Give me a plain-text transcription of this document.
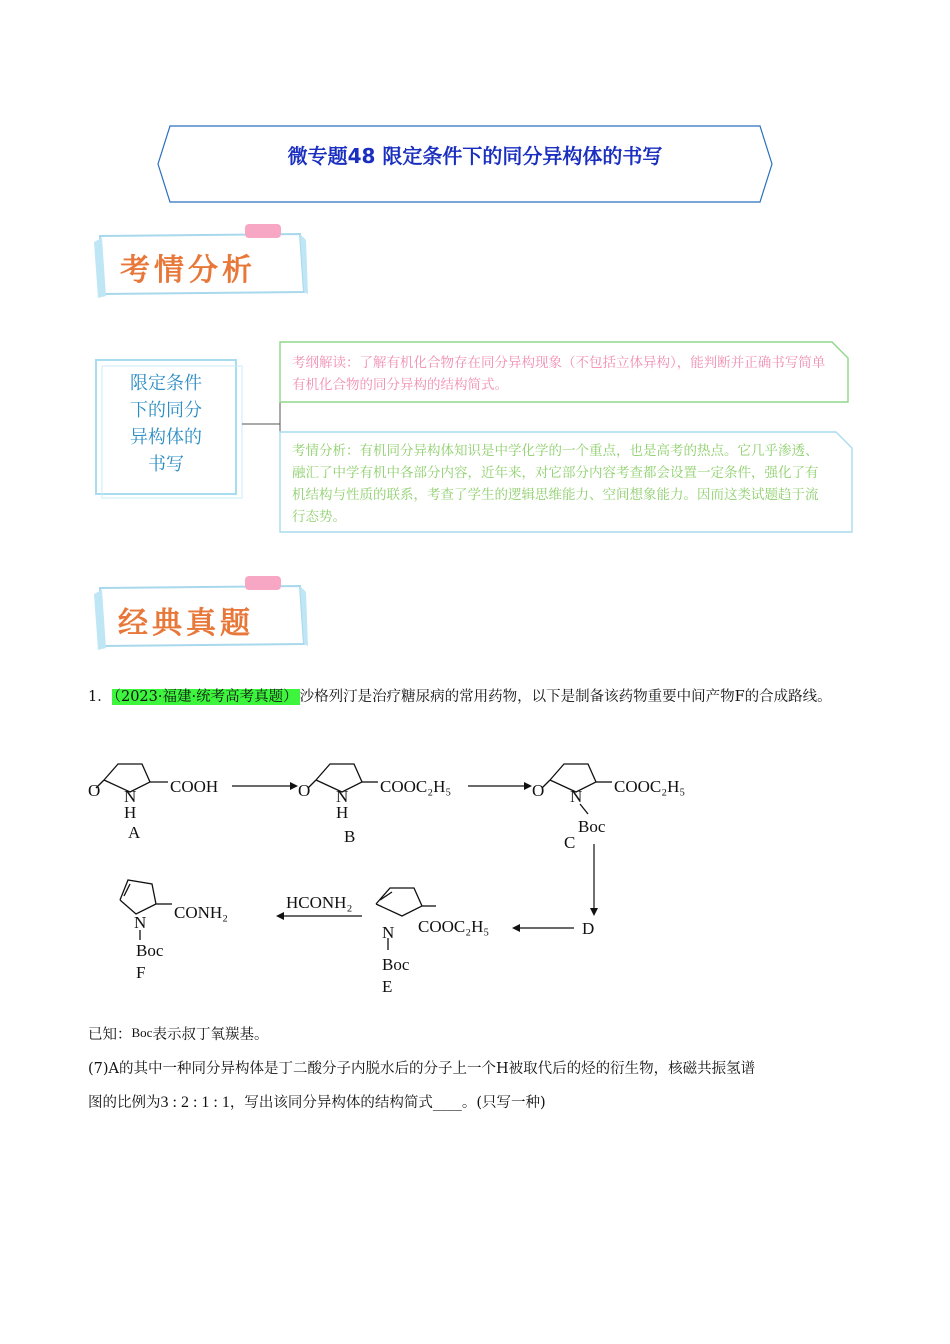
微专题48 限定条件下的同分异构体的书写
考情分析
限定条件
下的同分
异构体的
书写
考纲解读：了解有机化合物存在同分异构现象（不包括立体异构），能判断并正确书写简单有机化合物的同分异构的结构简式。
考情分析：有机同分异构体知识是中学化学的一个重点，也是高考的热点。它几乎渗透、融汇了中学有机中各部分内容，近年来，对它部分内容考查都会设置一定条件，强化了有机结构与性质的联系，考查了学生的逻辑思维能力、空间想象能力。因而这类试题趋于流行态势。
经典真题
1． （2023·福建·统考高考真题） 沙格列汀是治疗糖尿病的常用药物，以下是制备该药物重要中间产物F的合成路线。
O N
H
COOH
A
O N
H
COOC₂H₅
B
O N
COOC₂H₅
Boc
C
D
N COOC₂H₅
Boc
E
HCONH₂
N
CONH₂
Boc
F
已知：Boc表示叔丁氧羰基。
(7)A的其中一种同分异构体是丁二酸分子内脱水后的分子上一个H被取代后的烃的衍生物，核磁共振氢谱
图的比例为3 : 2 : 1 : 1，写出该同分异构体的结构简式____。(只写一种)
